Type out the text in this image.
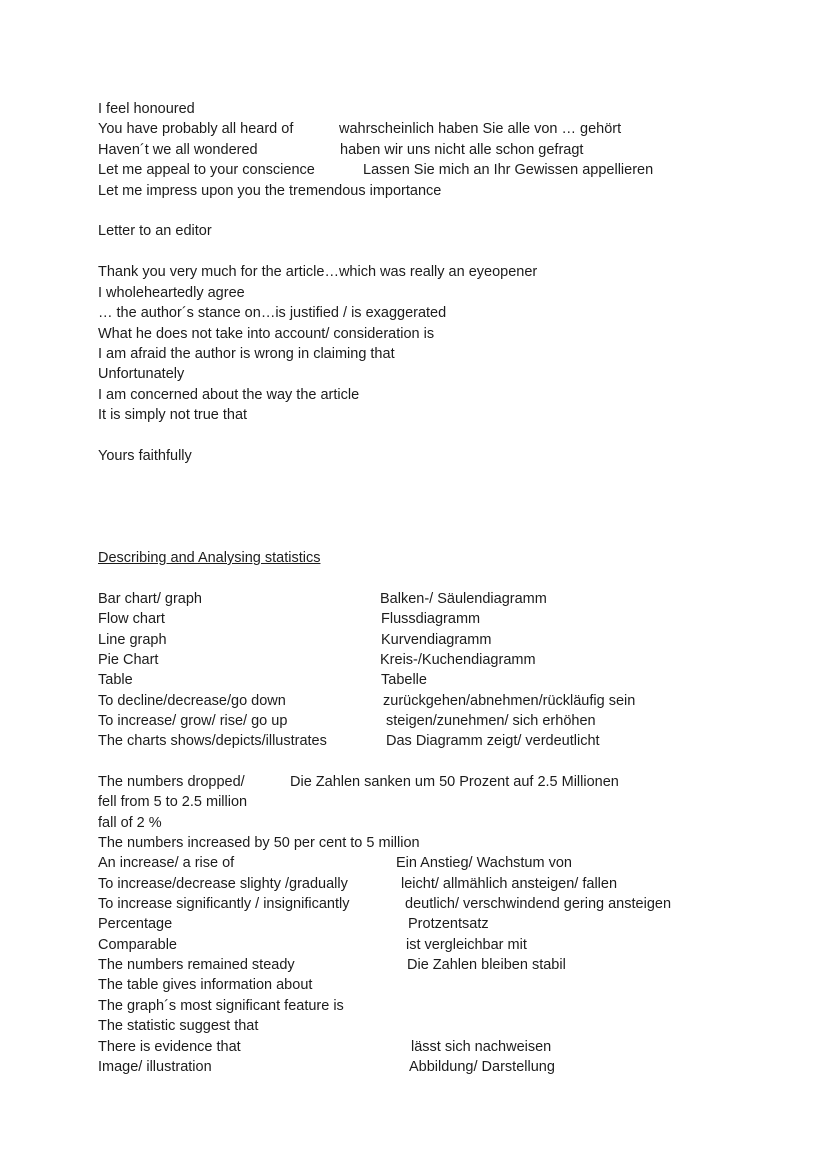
I feel honoured
You have probably all heard of	wahrscheinlich haben Sie alle von … gehört
Haven´t we all wondered	haben wir uns nicht alle schon gefragt
Let me appeal to your conscience	Lassen Sie mich an Ihr Gewissen appellieren
Let me impress upon you the tremendous importance
Letter to an editor
Thank you very much for the article…which was really an eyeopener
I wholeheartedly agree
… the author´s stance on…is justified / is exaggerated
What he does not take into account/ consideration is
I am afraid the author is wrong in claiming that
Unfortunately
I am concerned about the way the article
It is simply not true that
Yours faithfully
Describing and Analysing statistics
Bar chart/ graph	Balken-/ Säulendiagramm
Flow chart	Flussdiagramm
Line graph	Kurvendiagramm
Pie Chart	Kreis-/Kuchendiagramm
Table	Tabelle
To decline/decrease/go down	zurückgehen/abnehmen/rückläufig sein
To increase/ grow/ rise/ go up	steigen/zunehmen/ sich erhöhen
The charts shows/depicts/illustrates	Das Diagramm zeigt/ verdeutlicht
The numbers dropped/	Die Zahlen sanken um 50 Prozent auf 2.5 Millionen
fell from 5 to 2.5 million
fall of 2 %
The numbers increased by 50 per cent to 5 million
An increase/ a rise of	Ein Anstieg/ Wachstum von
To increase/decrease slighty /gradually	leicht/ allmählich ansteigen/ fallen
To increase significantly / insignificantly	deutlich/ verschwindend gering ansteigen
Percentage	Protzentsatz
Comparable	ist vergleichbar mit
The numbers remained steady	Die Zahlen bleiben stabil
The table gives information about
The graph´s most significant feature is
The statistic suggest that
There is evidence that	lässt sich nachweisen
Image/ illustration	Abbildung/ Darstellung
